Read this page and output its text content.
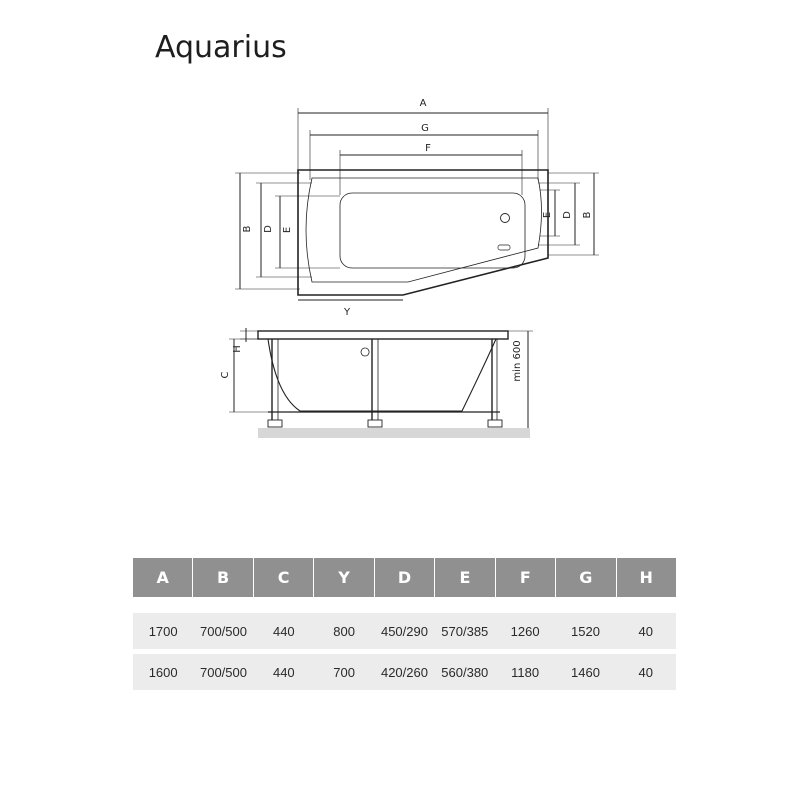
Aquarius
A
G
F
B D E
E D B
Y
H
C	min 600
A	B	C	Y	D	E	F	G	H
1700	700/500	440	800	450/290	570/385	1260	1520	40
1600	700/500	440	700	420/260	560/380	1180	1460	40
